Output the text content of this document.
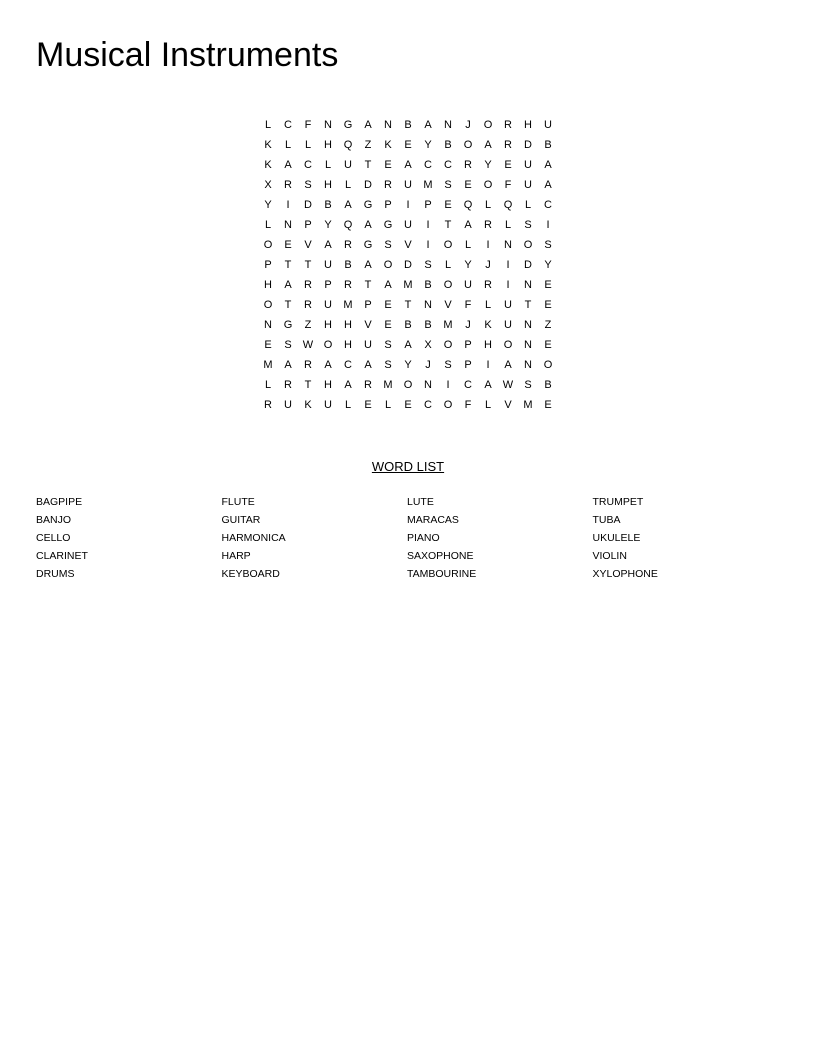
Musical Instruments
L	C	F	N	G	A	N	B	A	N	J	O	R	H	U
K	L	L	H	Q	Z	K	E	Y	B	O	A	R	D	B
K	A	C	L	U	T	E	A	C	C	R	Y	E	U	A
X	R	S	H	L	D	R	U	M	S	E	O	F	U	A
Y	I	D	B	A	G	P	I	P	E	Q	L	Q	L	C
L	N	P	Y	Q	A	G	U	I	T	A	R	L	S	I
O	E	V	A	R	G	S	V	I	O	L	I	N	O	S
P	T	T	U	B	A	O	D	S	L	Y	J	I	D	Y
H	A	R	P	R	T	A	M	B	O	U	R	I	N	E
O	T	R	U	M	P	E	T	N	V	F	L	U	T	E
N	G	Z	H	H	V	E	B	B	M	J	K	U	N	Z
E	S	W	O	H	U	S	A	X	O	P	H	O	N	E
M	A	R	A	C	A	S	Y	J	S	P	I	A	N	O
L	R	T	H	A	R	M	O	N	I	C	A	W	S	B
R	U	K	U	L	E	L	E	C	O	F	L	V	M	E
WORD LIST
BAGPIPE
BANJO
CELLO
CLARINET
DRUMS
FLUTE
GUITAR
HARMONICA
HARP
KEYBOARD
LUTE
MARACAS
PIANO
SAXOPHONE
TAMBOURINE
TRUMPET
TUBA
UKULELE
VIOLIN
XYLOPHONE
